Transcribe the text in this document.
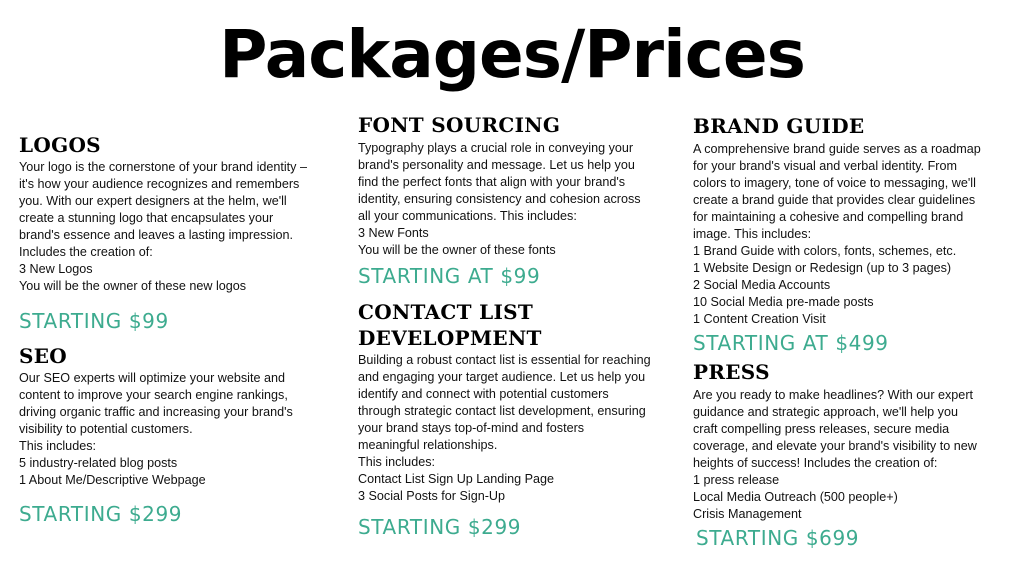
Packages/Prices
LOGOS

Your logo is the cornerstone of your brand identity –
it's how your audience recognizes and remembers
you. With our expert designers at the helm, we'll
create a stunning logo that encapsulates your
brand's essence and leaves a lasting impression.
Includes the creation of:
3 New Logos
You will be the owner of these new logos

STARTING $99
SEO

Our SEO experts will optimize your website and
content to improve your search engine rankings,
driving organic traffic and increasing your brand's
visibility to potential customers.
This includes:
5 industry-related blog posts
1 About Me/Descriptive Webpage

STARTING $299
FONT SOURCING

Typography plays a crucial role in conveying your
brand's personality and message. Let us help you
find the perfect fonts that align with your brand's
identity, ensuring consistency and cohesion across
all your communications. This includes:
3 New Fonts
You will be the owner of these fonts

STARTING AT $99
CONTACT LIST
DEVELOPMENT

Building a robust contact list is essential for reaching
and engaging your target audience. Let us help you
identify and connect with potential customers
through strategic contact list development, ensuring
your brand stays top-of-mind and fosters
meaningful relationships.
This includes:
Contact List Sign Up Landing Page
3 Social Posts for Sign-Up

STARTING $299
BRAND GUIDE

A comprehensive brand guide serves as a roadmap
for your brand's visual and verbal identity. From
colors to imagery, tone of voice to messaging, we'll
create a brand guide that provides clear guidelines
for maintaining a cohesive and compelling brand
image. This includes:
1 Brand Guide with colors, fonts, schemes, etc.
1 Website Design or Redesign (up to 3 pages)
2 Social Media Accounts
10 Social Media pre-made posts
1 Content Creation Visit

STARTING AT $499
PRESS

Are you ready to make headlines? With our expert
guidance and strategic approach, we'll help you
craft compelling press releases, secure media
coverage, and elevate your brand's visibility to new
heights of success! Includes the creation of:
1 press release
Local Media Outreach (500 people+)
Crisis Management

STARTING $699
